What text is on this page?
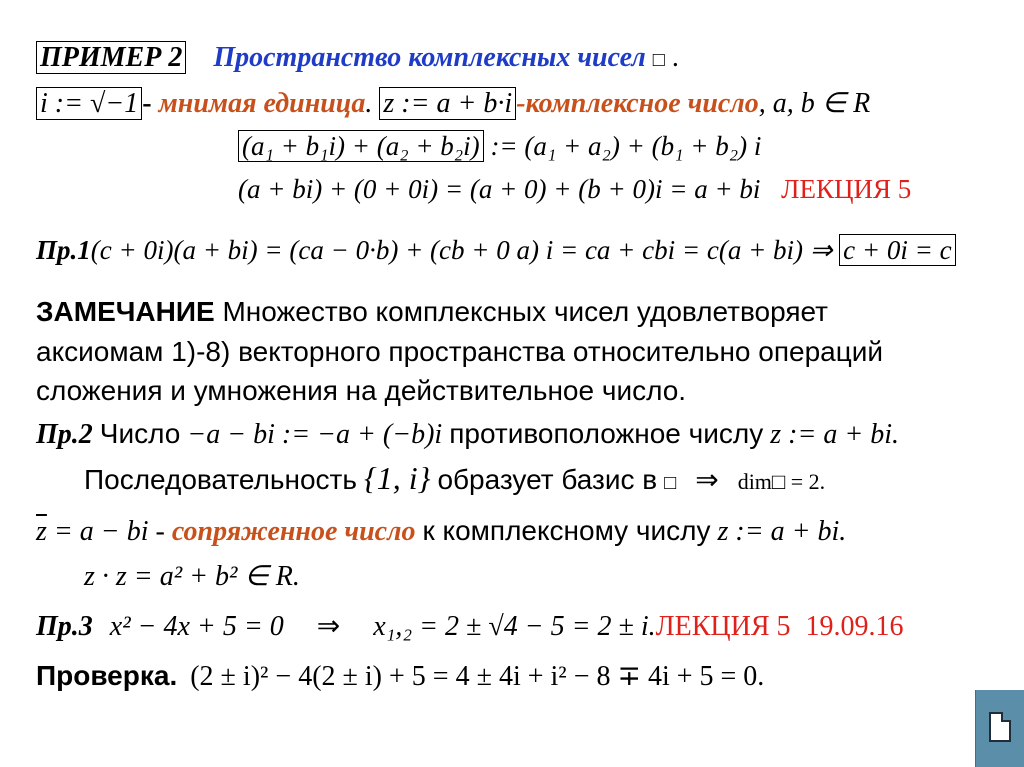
ПРИМЕР 2 Пространство комплексных чисел □ .
i := √−1 - мнимая единица. z := a + b·i -комплексное число, a, b ∈ R
(a₁ + b₁i) + (a₂ + b₂i) := (a₁ + a₂) + (b₁ + b₂) i
(a + bi) + (0 + 0i) = (a + 0) + (b + 0)i = a + bi ЛЕКЦИЯ 5
Пр.1(c + 0i)(a + bi) = (ca − 0·b) + (cb + 0 a) i = ca + cbi = c(a + bi) ⇒ c + 0i = c
ЗАМЕЧАНИЕ Множество комплексных чисел удовлетворяет
аксиомам 1)-8) векторного пространства относительно операций
сложения и умножения на действительное число.
Пр.2 Число −a − bi := −a + (−b)i противоположное числу z := a + bi.
Последовательность {1, i} образует базис в □ ⇒ dim□ = 2.
$\overline{z} = a$ − bi - сопряженное число к комплексному числу z := a + bi.
z · z = a² + b² ∈ R.
Пр.3 x² − 4x + 5 = 0 ⇒ x₁,₂ = 2 ± √4 − 5 = 2 ± i.ЛЕКЦИЯ 5 19.09.16
Проверка. (2 ± i)² − 4(2 ± i) + 5 = 4 ± 4i + i² − 8 ∓ 4i + 5 = 0.
